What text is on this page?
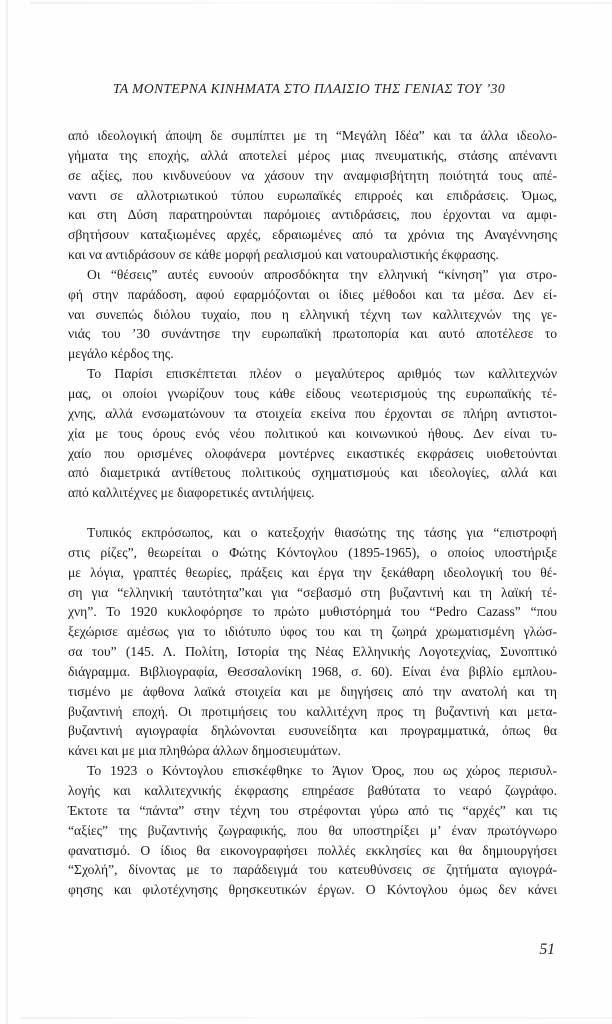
ΤΑ ΜΟΝΤΕΡΝΑ ΚΙΝΗΜΑΤΑ ΣΤΟ ΠΛΑΙΣΙΟ ΤΗΣ ΓΕΝΙΑΣ ΤΟΥ ’30
από ιδεολογική άποψη δε συμπίπτει με τη “Μεγάλη Ιδέα” και τα άλλα ιδεολο-
γήματα της εποχής, αλλά αποτελεί μέρος μιας πνευματικής, στάσης απέναντι
σε αξίες, που κινδυνεύουν να χάσουν την αναμφισβήτητη ποιότητά τους απέ-
ναντι σε αλλοτριωτικού τύπου ευρωπαϊκές επιρροές και επιδράσεις. Όμως,
και στη Δύση παρατηρούνται παρόμοιες αντιδράσεις, που έρχονται να αμφι-
σβητήσουν καταξιωμένες αρχές, εδραιωμένες από τα χρόνια της Αναγέννησης
και να αντιδράσουν σε κάθε μορφή ρεαλισμού και νατουραλιστικής έκφρασης.
Οι “θέσεις” αυτές ευνοούν απροσδόκητα την ελληνική “κίνηση” για στρο-
φή στην παράδοση, αφού εφαρμόζονται οι ίδιες μέθοδοι και τα μέσα. Δεν εί-
ναι συνεπώς διόλου τυχαίο, που η ελληνική τέχνη των καλλιτεχνών της γε-
νιάς του ’30 συνάντησε την ευρωπαϊκή πρωτοπορία και αυτό αποτέλεσε το
μεγάλο κέρδος της.
Το Παρίσι επισκέπτεται πλέον ο μεγαλύτερος αριθμός των καλλιτεχνών
μας, οι οποίοι γνωρίζουν τους κάθε είδους νεωτερισμούς της ευρωπαϊκής τέ-
χνης, αλλά ενσωματώνουν τα στοιχεία εκείνα που έρχονται σε πλήρη αντιστοι-
χία με τους όρους ενός νέου πολιτικού και κοινωνικού ήθους. Δεν είναι τυ-
χαίο που ορισμένες ολοφάνερα μοντέρνες εικαστικές εκφράσεις υιοθετούνται
από διαμετρικά αντίθετους πολιτικούς σχηματισμούς και ιδεολογίες, αλλά και
από καλλιτέχνες με διαφορετικές αντιλήψεις.
Τυπικός εκπρόσωπος, και ο κατεξοχήν θιασώτης της τάσης για “επιστροφή
στις ρίζες”, θεωρείται ο Φώτης Κόντογλου (1895-1965), ο οποίος υποστήριξε
με λόγια, γραπτές θεωρίες, πράξεις και έργα την ξεκάθαρη ιδεολογική του θέ-
ση για “ελληνική ταυτότητα”και για “σεβασμό στη βυζαντινή και τη λαϊκή τέ-
χνη”. Το 1920 κυκλοφόρησε το πρώτο μυθιστόρημά του “Pedro Cazass” “που
ξεχώρισε αμέσως για το ιδιότυπο ύφος του και τη ζωηρά χρωματισμένη γλώσ-
σα του” (145. Λ. Πολίτη, Ιστορία της Νέας Ελληνικής Λογοτεχνίας, Συνοπτικό
διάγραμμα. Βιβλιογραφία, Θεσσαλονίκη 1968, σ. 60). Είναι ένα βιβλίο εμπλου-
τισμένο με άφθονα λαϊκά στοιχεία και με διηγήσεις από την ανατολή και τη
βυζαντινή εποχή. Οι προτιμήσεις του καλλιτέχνη προς τη βυζαντινή και μετα-
βυζαντινή αγιογραφία δηλώνονται ευσυνείδητα και προγραμματικά, όπως θα
κάνει και με μια πληθώρα άλλων δημοσιευμάτων.
Το 1923 ο Κόντογλου επισκέφθηκε το Άγιον Όρος, που ως χώρος περισυλ-
λογής και καλλιτεχνικής έκφρασης επηρέασε βαθύτατα το νεαρό ζωγράφο.
Έκτοτε τα “πάντα” στην τέχνη του στρέφονται γύρω από τις “αρχές” και τις
“αξίες” της βυζαντινής ζωγραφικής, που θα υποστηρίξει μ’ έναν πρωτόγνωρο
φανατισμό. Ο ίδιος θα εικονογραφήσει πολλές εκκλησίες και θα δημιουργήσει
“Σχολή”, δίνοντας με το παράδειγμά του κατευθύνσεις σε ζητήματα αγιογρά-
φησης και φιλοτέχνησης θρησκευτικών έργων. Ο Κόντογλου όμως δεν κάνει
51
